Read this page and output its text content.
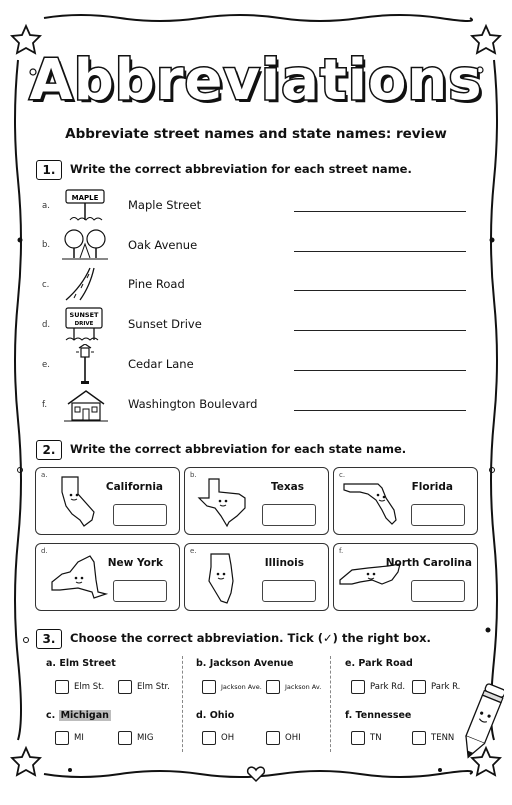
Abbreviations
Abbreviate street names and state names: review
1.	Write the correct abbreviation for each street name.
a.
MAPLE	Maple Street
b.	Oak Avenue
c.	Pine Road
d.
SUNSET
DRIVE	Sunset Drive
e.	Cedar Lane
f.	Washington Boulevard
2.	Write the correct abbreviation for each state name.
a.
California
b.
Texas
c.
Florida
d.
New York
e.
Illinois
f.
North Carolina
3.	Choose the correct abbreviation. Tick (✓) the right box.
a. Elm Street
Elm St.	Elm Str.
b. Jackson Avenue
Jackson Ave.	Jackson Av.
e. Park Road
Park Rd.	Park R.
c. Michigan
MI	MIG
d. Ohio
OH	OHI
f. Tennessee
TN	TENN
